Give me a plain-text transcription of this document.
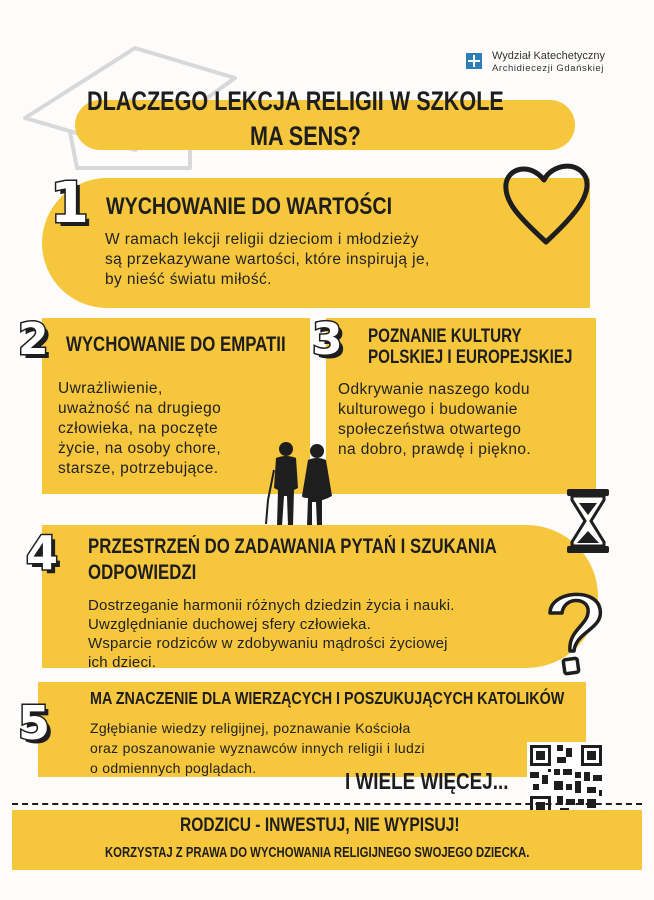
Wydział Katechetyczny
Archidiecezji Gdańskiej
DLACZEGO LEKCJA RELIGII W SZKOLE
MA SENS?
1 WYCHOWANIE DO WARTOŚCI
W ramach lekcji religii dzieciom i młodzieży
są przekazywane wartości, które inspirują je,
by nieść światu miłość.
2 WYCHOWANIE DO EMPATII
Uwrażliwienie,
uważność na drugiego
człowieka, na poczęte
życie, na osoby chore,
starsze, potrzebujące.
3 POZNANIE KULTURY
POLSKIEJ I EUROPEJSKIEJ
Odkrywanie naszego kodu
kulturowego i budowanie
społeczeństwa otwartego
na dobro, prawdę i piękno.
4 PRZESTRZEŃ DO ZADAWANIA PYTAŃ I SZUKANIA
ODPOWIEDZI
Dostrzeganie harmonii różnych dziedzin życia i nauki.
Uwzględnianie duchowej sfery człowieka.
Wsparcie rodziców w zdobywaniu mądrości życiowej
ich dzieci.
5 MA ZNACZENIE DLA WIERZĄCYCH I POSZUKUJĄCYCH KATOLIKÓW
Zgłębianie wiedzy religijnej, poznawanie Kościoła
oraz poszanowanie wyznawców innych religii i ludzi
o odmiennych poglądach.	I WIELE WIĘCEJ...
RODZICU - INWESTUJ, NIE WYPISUJ!
KORZYSTAJ Z PRAWA DO WYCHOWANIA RELIGIJNEGO SWOJEGO DZIECKA.
